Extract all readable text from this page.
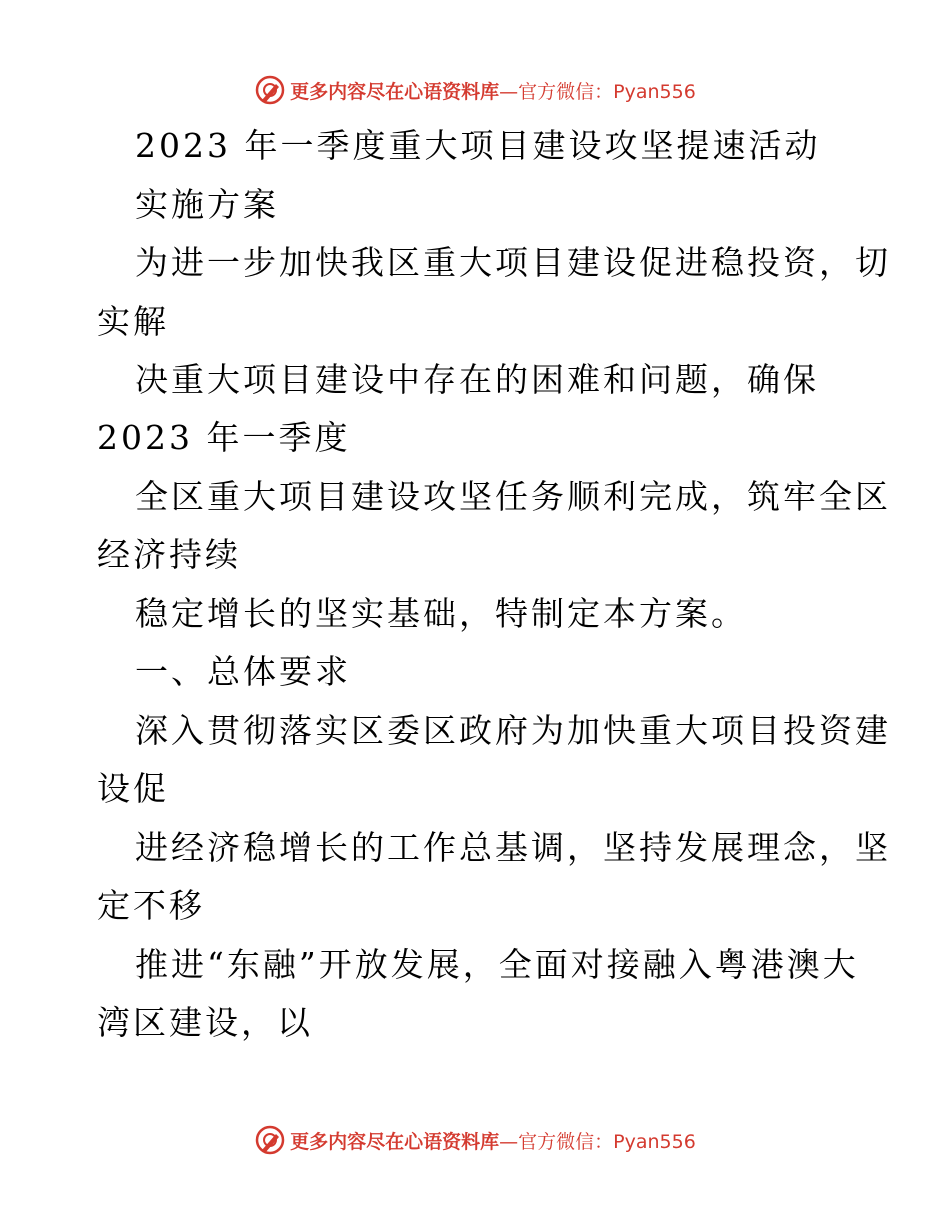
更多内容尽在心语资料库 —官方微信：Pyan556
2023 年一季度重大项目建设攻坚提速活动
实施方案
为进一步加快我区重大项目建设促进稳投资，切
实解
决重大项目建设中存在的困难和问题，确保
2023 年一季度
全区重大项目建设攻坚任务顺利完成，筑牢全区
经济持续
稳定增长的坚实基础，特制定本方案。
一、总体要求
深入贯彻落实区委区政府为加快重大项目投资建
设促
进经济稳增长的工作总基调，坚持发展理念，坚
定不移
推进“东融”开放发展，全面对接融入粤港澳大
湾区建设，以
更多内容尽在心语资料库 —官方微信：Pyan556
